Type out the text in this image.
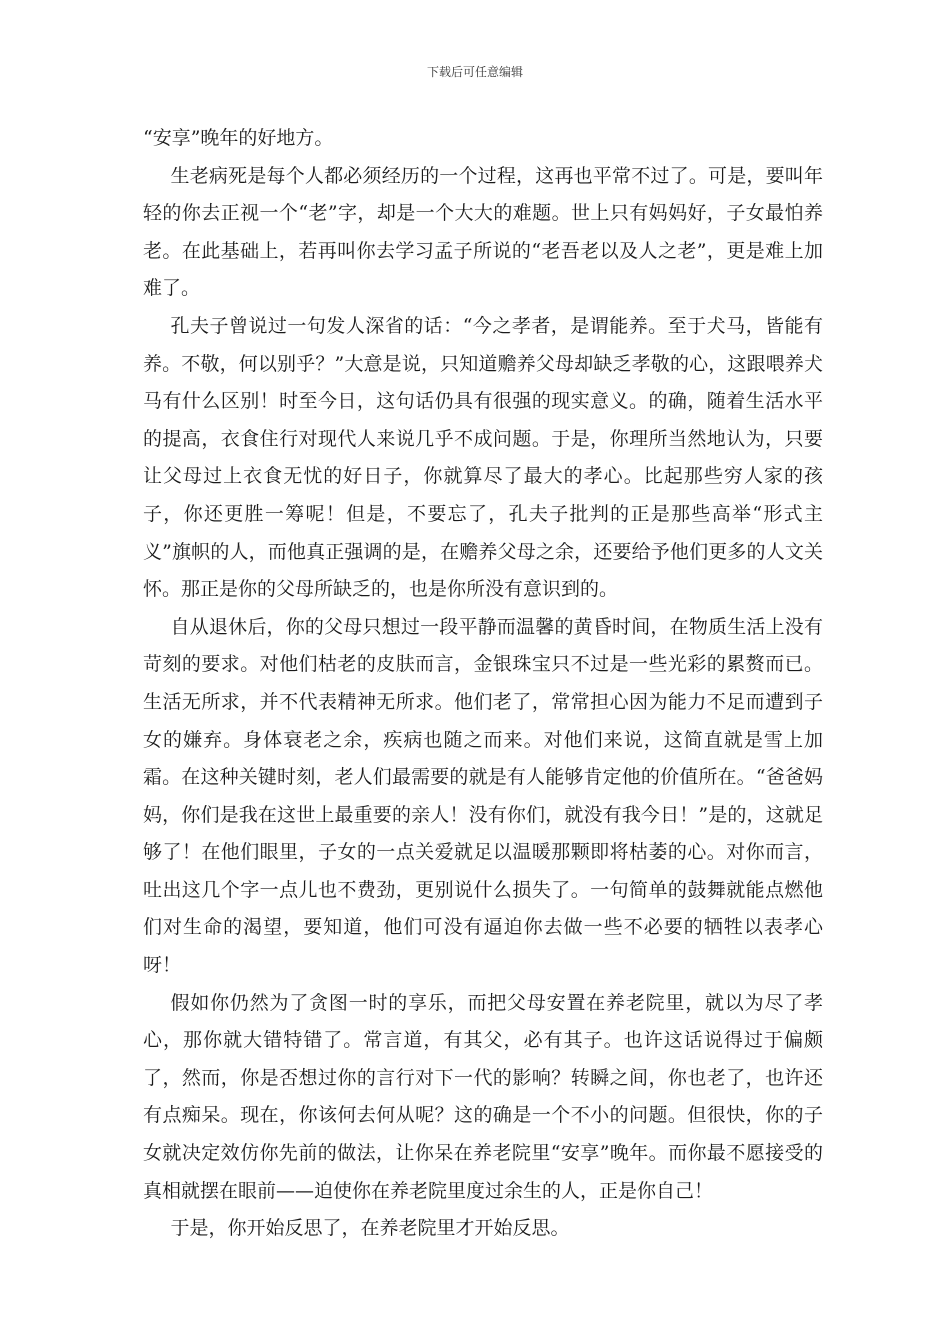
下载后可任意编辑

“安享”晚年的好地方。

生老病死是每个人都必须经历的一个过程，这再也平常不过了。可是，要叫年轻的你去正视一个“老”字，却是一个大大的难题。世上只有妈妈好，子女最怕养老。在此基础上，若再叫你去学习孟子所说的“老吾老以及人之老”，更是难上加难了。

孔夫子曾说过一句发人深省的话：“今之孝者，是谓能养。至于犬马，皆能有养。不敬，何以别乎？”大意是说，只知道赡养父母却缺乏孝敬的心，这跟喂养犬马有什么区别！时至今日，这句话仍具有很强的现实意义。的确，随着生活水平的提高，衣食住行对现代人来说几乎不成问题。于是，你理所当然地认为，只要让父母过上衣食无忧的好日子，你就算尽了最大的孝心。比起那些穷人家的孩子，你还更胜一筹呢！但是，不要忘了，孔夫子批判的正是那些高举“形式主义”旗帜的人，而他真正强调的是，在赡养父母之余，还要给予他们更多的人文关怀。那正是你的父母所缺乏的，也是你所没有意识到的。

自从退休后，你的父母只想过一段平静而温馨的黄昏时间，在物质生活上没有苛刻的要求。对他们枯老的皮肤而言，金银珠宝只不过是一些光彩的累赘而已。生活无所求，并不代表精神无所求。他们老了，常常担心因为能力不足而遭到子女的嫌弃。身体衰老之余，疾病也随之而来。对他们来说，这简直就是雪上加霜。在这种关键时刻，老人们最需要的就是有人能够肯定他的价值所在。“爸爸妈妈，你们是我在这世上最重要的亲人！没有你们，就没有我今日！”是的，这就足够了！在他们眼里，子女的一点关爱就足以温暖那颗即将枯萎的心。对你而言，吐出这几个字一点儿也不费劲，更别说什么损失了。一句简单的鼓舞就能点燃他们对生命的渴望，要知道，他们可没有逼迫你去做一些不必要的牺牲以表孝心呀！

假如你仍然为了贪图一时的享乐，而把父母安置在养老院里，就以为尽了孝心，那你就大错特错了。常言道，有其父，必有其子。也许这话说得过于偏颇了，然而，你是否想过你的言行对下一代的影响？转瞬之间，你也老了，也许还有点痴呆。现在，你该何去何从呢？这的确是一个不小的问题。但很快，你的子女就决定效仿你先前的做法，让你呆在养老院里“安享”晚年。而你最不愿接受的真相就摆在眼前——迫使你在养老院里度过余生的人，正是你自己！

于是，你开始反思了，在养老院里才开始反思。
